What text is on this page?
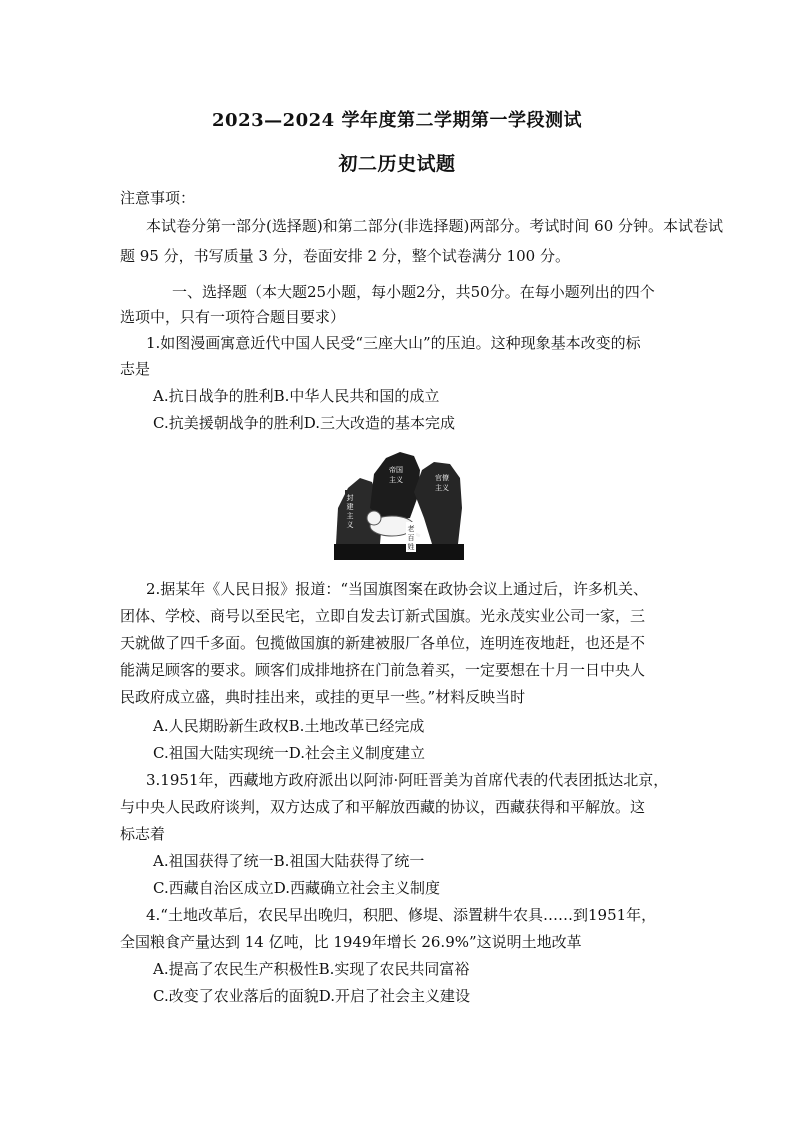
2023—2024 学年度第二学期第一学段测试
初二历史试题
注意事项：
本试卷分第一部分(选择题)和第二部分(非选择题)两部分。考试时间 60 分钟。本试卷试
题 95 分，书写质量 3 分，卷面安排 2 分，整个试卷满分 100 分。
一、选择题（本大题25小题，每小题2分，共50分。在每小题列出的四个
选项中，只有一项符合题目要求）
1.如图漫画寓意近代中国人民受“三座大山”的压迫。这种现象基本改变的标
志是
A.抗日战争的胜利B.中华人民共和国的成立
C.抗美援朝战争的胜利D.三大改造的基本完成
封
建
主
义
帝国
主义	官僚
主义
老
百
姓
2.据某年《人民日报》报道：“当国旗图案在政协会议上通过后，许多机关、
团体、学校、商号以至民宅，立即自发去订新式国旗。光永茂实业公司一家，三
天就做了四千多面。包揽做国旗的新建被服厂各单位，连明连夜地赶，也还是不
能满足顾客的要求。顾客们成排地挤在门前急着买，一定要想在十月一日中央人
民政府成立盛，典时挂出来，或挂的更早一些。”材料反映当时
A.人民期盼新生政权B.土地改革已经完成
C.祖国大陆实现统一D.社会主义制度建立
3.1951年，西藏地方政府派出以阿沛·阿旺晋美为首席代表的代表团抵达北京，
与中央人民政府谈判，双方达成了和平解放西藏的协议，西藏获得和平解放。这
标志着
A.祖国获得了统一B.祖国大陆获得了统一
C.西藏自治区成立D.西藏确立社会主义制度
4.“土地改革后，农民早出晚归，积肥、修堤、添置耕牛农具……到1951年，
全国粮食产量达到 14 亿吨，比 1949年增长 26.9%”这说明土地改革
A.提高了农民生产积极性B.实现了农民共同富裕
C.改变了农业落后的面貌D.开启了社会主义建设
